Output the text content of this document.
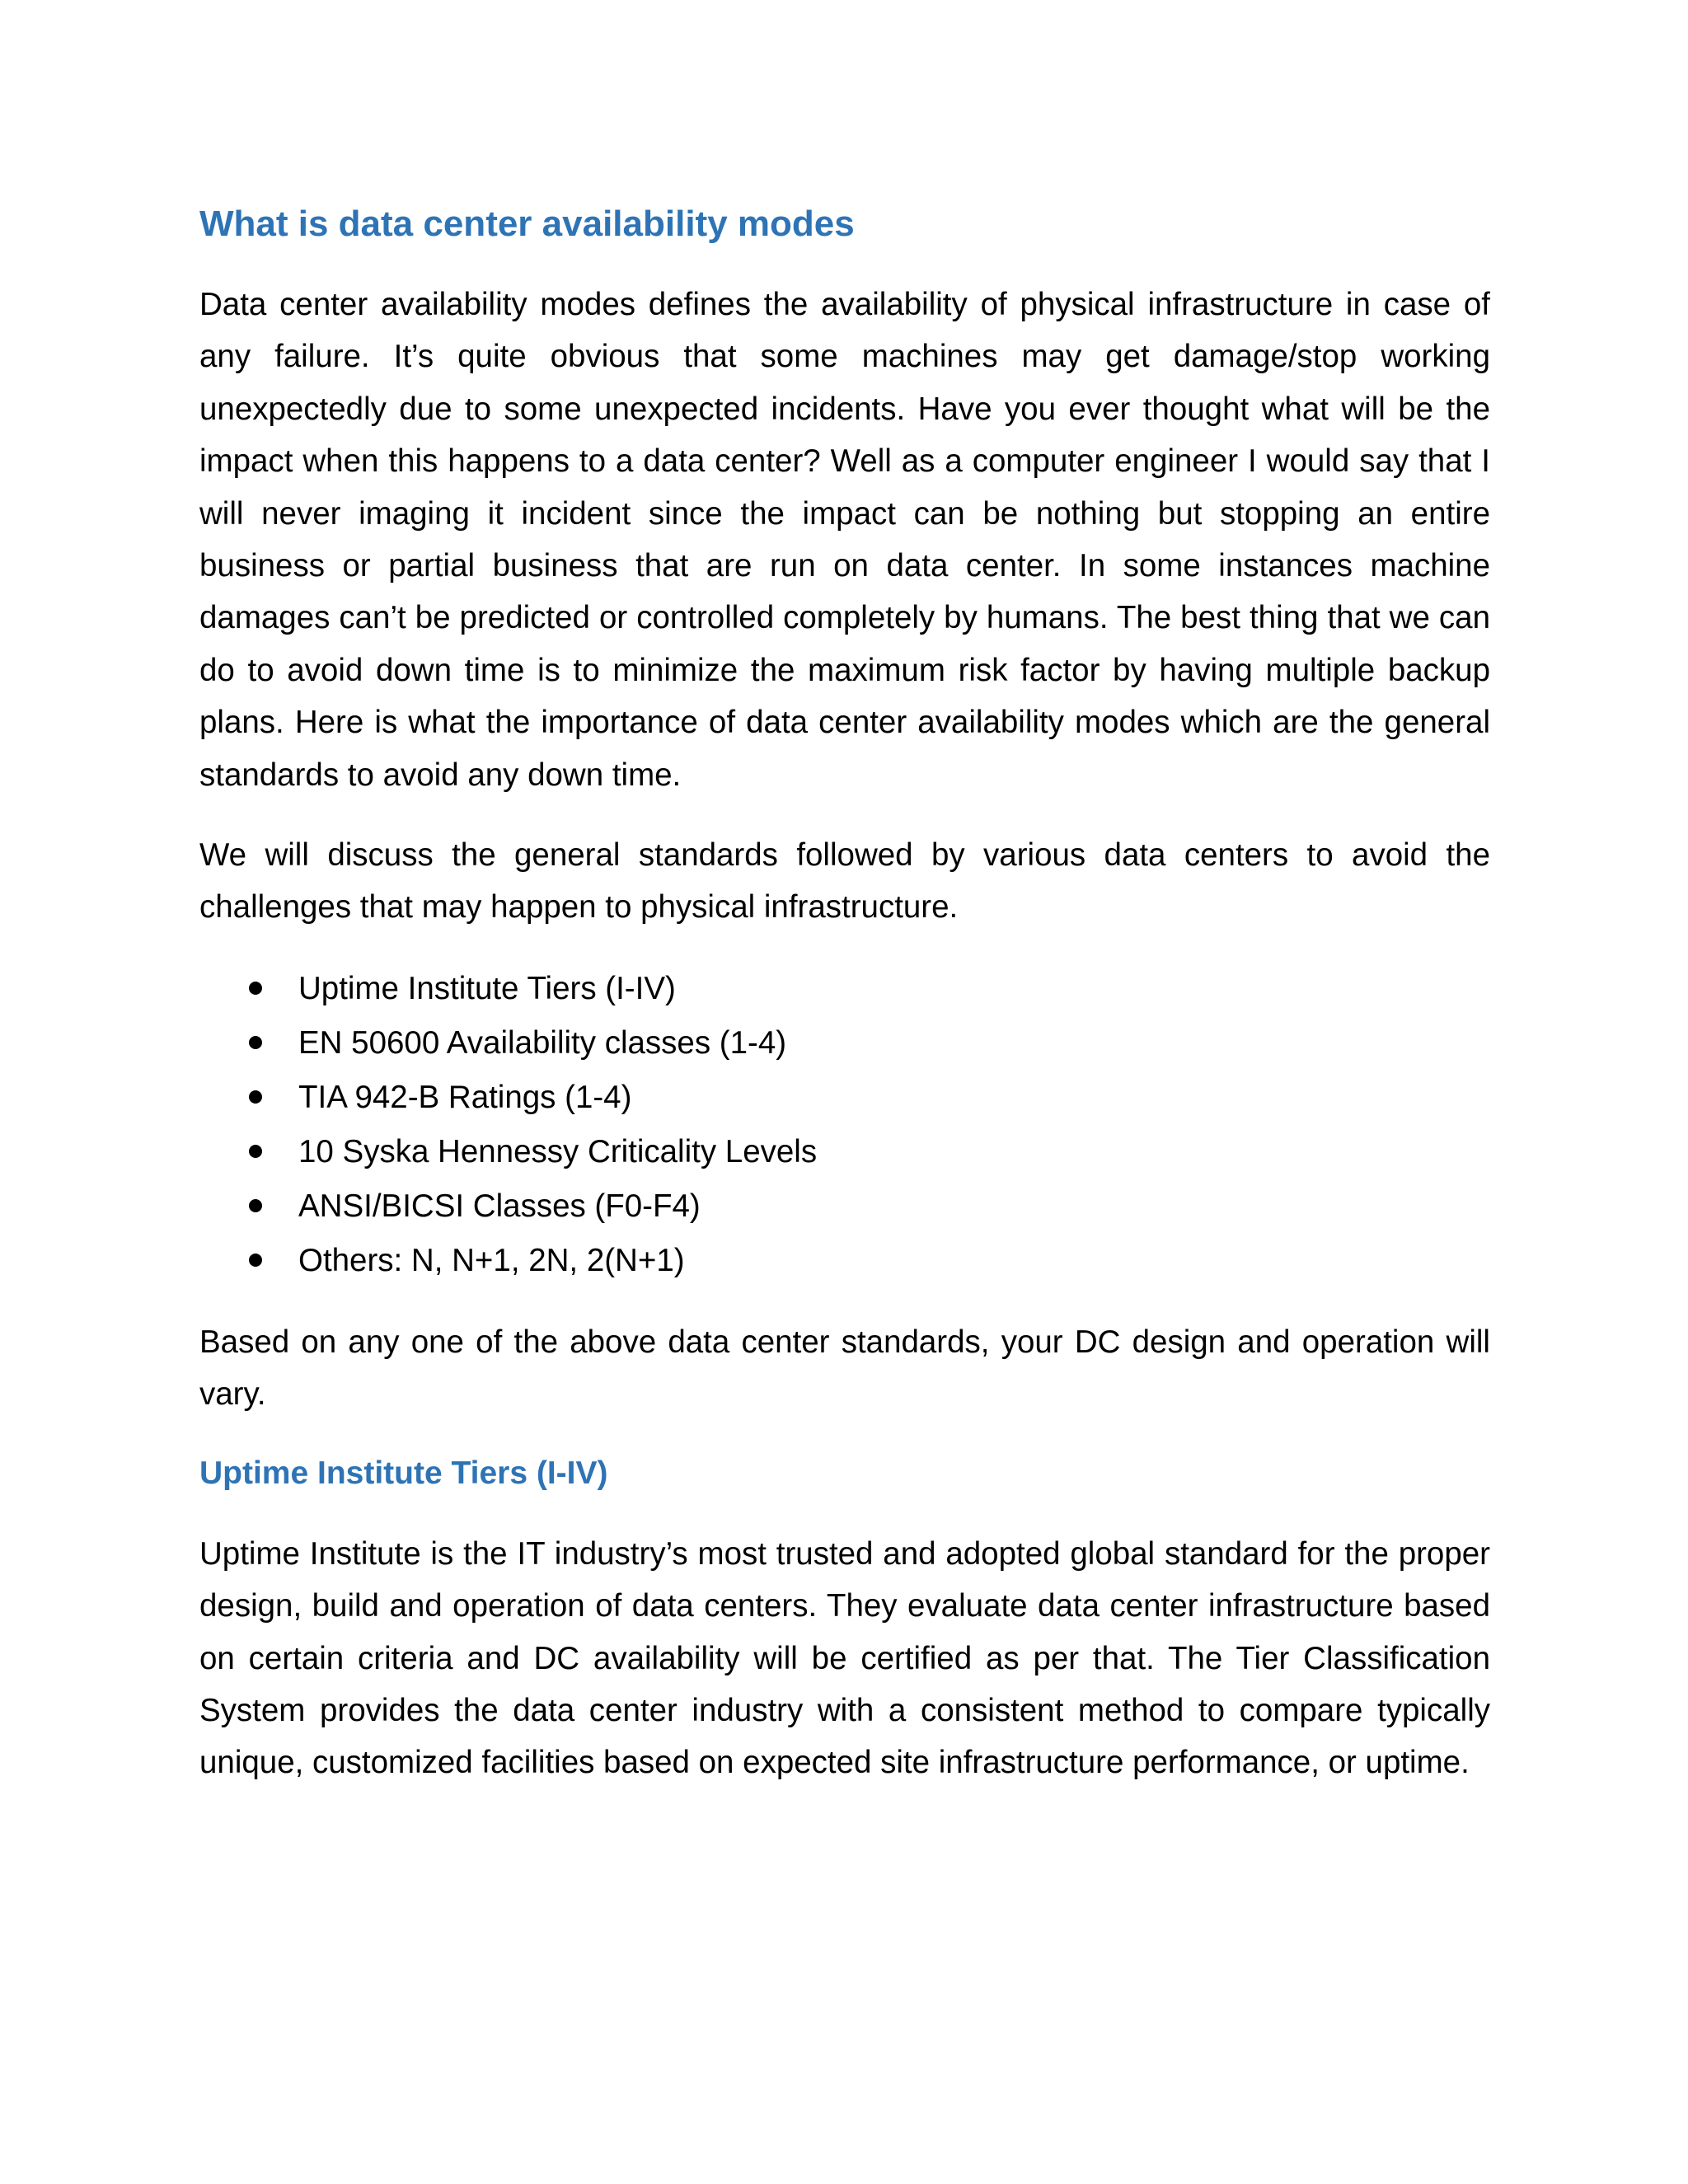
What is data center availability modes

Data center availability modes defines the availability of physical infrastructure in case of any failure. It’s quite obvious that some machines may get damage/stop working unexpectedly due to some unexpected incidents. Have you ever thought what will be the impact when this happens to a data center? Well as a computer engineer I would say that I will never imaging it incident since the impact can be nothing but stopping an entire business or partial business that are run on data center. In some instances machine damages can’t be predicted or controlled completely by humans. The best thing that we can do to avoid down time is to minimize the maximum risk factor by having multiple backup plans. Here is what the importance of data center availability modes which are the general standards to avoid any down time.

We will discuss the general standards followed by various data centers to avoid the challenges that may happen to physical infrastructure.

Uptime Institute Tiers (I-IV)
EN 50600 Availability classes (1-4)
TIA 942-B Ratings (1-4)
10 Syska Hennessy Criticality Levels
ANSI/BICSI Classes (F0-F4)
Others: N, N+1, 2N, 2(N+1)

Based on any one of the above data center standards, your DC design and operation will vary.

Uptime Institute Tiers (I-IV)

Uptime Institute is the IT industry’s most trusted and adopted global standard for the proper design, build and operation of data centers. They evaluate data center infrastructure based on certain criteria and DC availability will be certified as per that. The Tier Classification System provides the data center industry with a consistent method to compare typically unique, customized facilities based on expected site infrastructure performance, or uptime.
